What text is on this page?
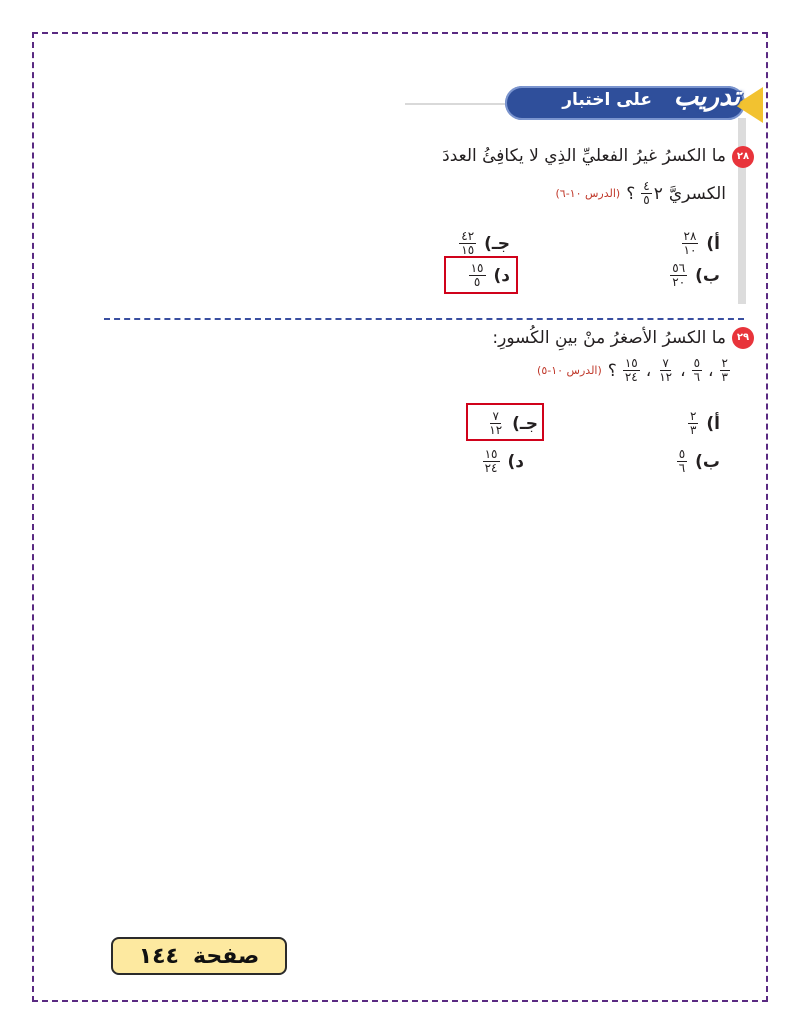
على اختبار تدريب
٢٨
ما الكسرُ غيرُ الفعليِّ الذِي لا يكافِئُ العددَ
الكسريَّ
٢
$\frac{٤}{٥}$
؟
(الدرس ١٠-٦)
أ)
$\frac{٢٨}{١٠}$
جـ)
$\frac{٤٢}{١٥}$
ب)
$\frac{٥٦}{٢٠}$
د)
$\frac{١٥}{٥}$
٢٩
ما الكسرُ الأصغرُ منْ بينِ الكُسورِ:
$\frac{٢}{٣}$
،
$\frac{٥}{٦}$
،
$\frac{٧}{١٢}$
،
$\frac{١٥}{٢٤}$
؟
(الدرس ١٠-٥)
أ)
$\frac{٢}{٣}$
جـ)
$\frac{٧}{١٢}$
ب)
$\frac{٥}{٦}$
د)
$\frac{١٥}{٢٤}$
صفحة
١٤٤
